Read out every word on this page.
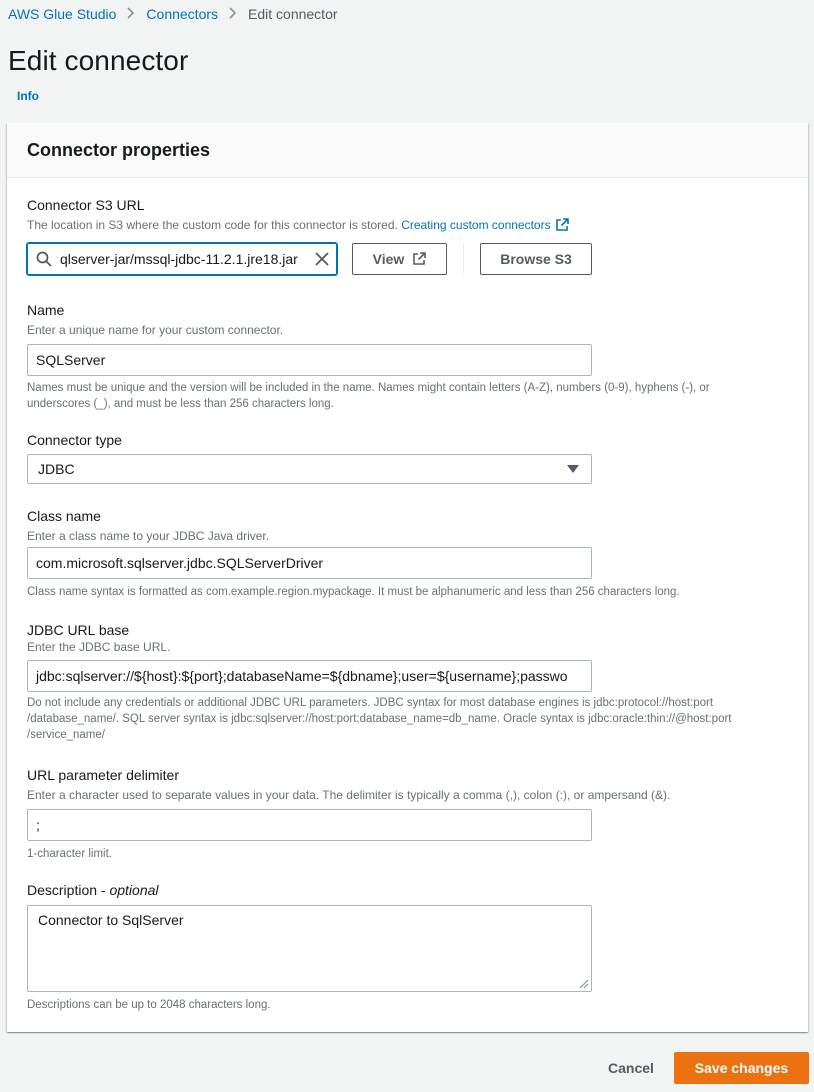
AWS Glue Studio Connectors Edit connector
Edit connector
Info
Connector properties
Connector S3 URL
The location in S3 where the custom code for this connector is stored. Creating custom connectors
qlserver-jar/mssql-jdbc-11.2.1.jre18.jar	View	Browse S3
Name
Enter a unique name for your custom connector.
SQLServer
Names must be unique and the version will be included in the name. Names might contain letters (A-Z), numbers (0-9), hyphens (-), or underscores (_), and must be less than 256 characters long.
Connector type
JDBC
Class name
Enter a class name to your JDBC Java driver.
com.microsoft.sqlserver.jdbc.SQLServerDriver
Class name syntax is formatted as com.example.region.mypackage. It must be alphanumeric and less than 256 characters long.
JDBC URL base
Enter the JDBC base URL.
jdbc:sqlserver://${host}:${port};databaseName=${dbname};user=${username};passwo
Do not include any credentials or additional JDBC URL parameters. JDBC syntax for most database engines is jdbc:protocol://host:port /database_name/. SQL server syntax is jdbc:sqlserver://host:port;database_name=db_name. Oracle syntax is jdbc:oracle:thin://@host:port /service_name/
URL parameter delimiter
Enter a character used to separate values in your data. The delimiter is typically a comma (,), colon (:), or ampersand (&).
;
1-character limit.
Description - optional
Connector to SqlServer
Descriptions can be up to 2048 characters long.
Cancel	Save changes
